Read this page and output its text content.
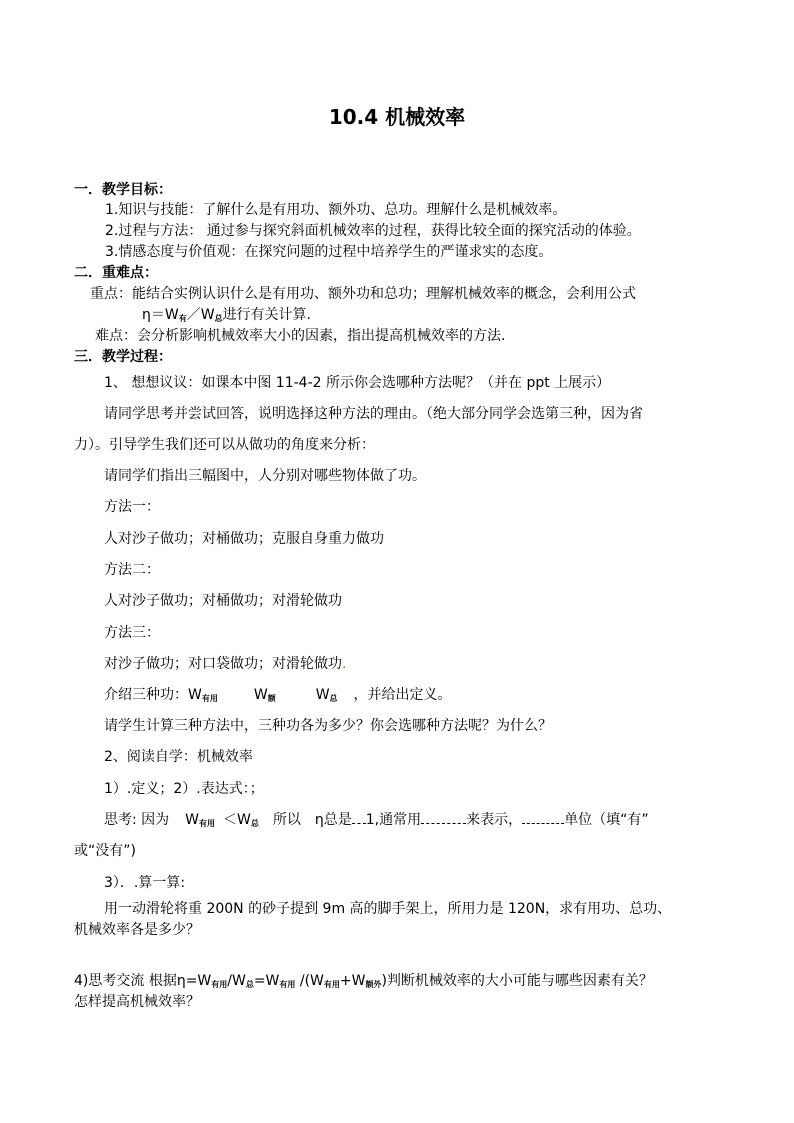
10.4 机械效率
一．教学目标：
1.知识与技能：了解什么是有用功、额外功、总功。理解什么是机械效率。
2.过程与方法： 通过参与探究斜面机械效率的过程，获得比较全面的探究活动的体验。
3.情感态度与价值观：在探究问题的过程中培养学生的严谨求实的态度。
二．重难点：
重点：能结合实例认识什么是有用功、额外功和总功；理解机械效率的概念，会利用公式
η＝W有／W总进行有关计算.
难点：会分析影响机械效率大小的因素，指出提高机械效率的方法.
三．教学过程：
1、 想想议议：如课本中图 11-4-2 所示你会选哪种方法呢？（并在 ppt 上展示）
请同学思考并尝试回答，说明选择这种方法的理由。（绝大部分同学会选第三种，因为省
力）。引导学生我们还可以从做功的角度来分析：
请同学们指出三幅图中，人分别对哪些物体做了功。
方法一：
人对沙子做功；对桶做功；克服自身重力做功
方法二：
人对沙子做功；对桶做功；对滑轮做功
方法三：
对沙子做功；对口袋做功；对滑轮做功.
介绍三种功：W有用	W额	W总 ，并给出定义。
请学生计算三种方法中，三种功各为多少？你会选哪种方法呢？为什么？
2、阅读自学：机械效率
1）.定义；2）.表达式：；
思考: 因为 W有用 ＜W总 所以 η总是 1,通常用	来表示，	单位（填“有”
或“没有”)
3）．.算一算:
用一动滑轮将重 200N 的砂子提到 9m 高的脚手架上，所用力是 120N，求有用功、总功、
机械效率各是多少？
4)思考交流 根据η=W有用/W总=W有用 /(W有用+W额外)判断机械效率的大小可能与哪些因素有关？
怎样提高机械效率？
